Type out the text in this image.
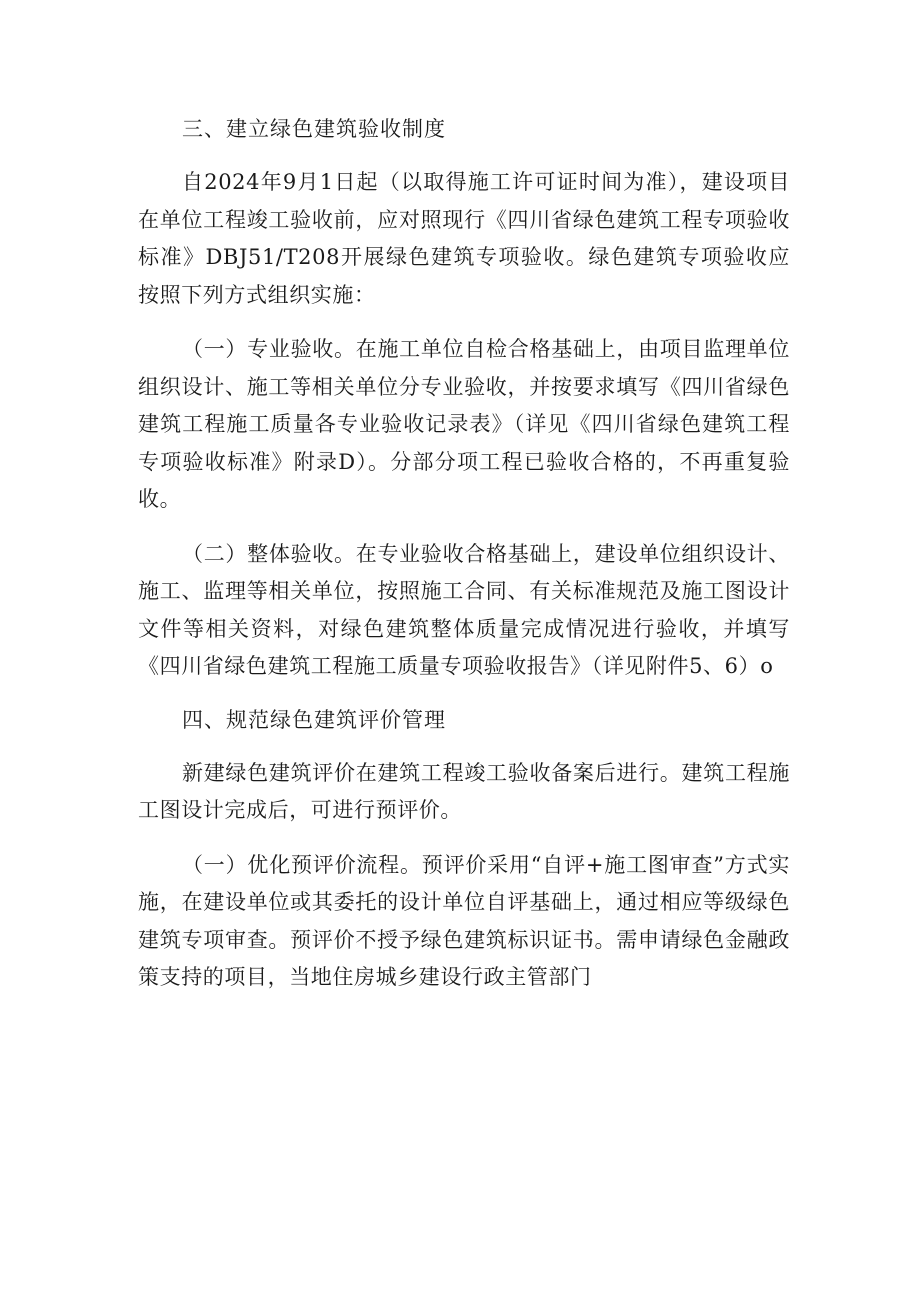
三、建立绿色建筑验收制度

自2024年9月1日起（以取得施工许可证时间为准），建设项目在单位工程竣工验收前，应对照现行《四川省绿色建筑工程专项验收标准》DBJ51/T208开展绿色建筑专项验收。绿色建筑专项验收应按照下列方式组织实施：

（一）专业验收。在施工单位自检合格基础上，由项目监理单位组织设计、施工等相关单位分专业验收，并按要求填写《四川省绿色建筑工程施工质量各专业验收记录表》（详见《四川省绿色建筑工程专项验收标准》附录D）。分部分项工程已验收合格的，不再重复验收。

（二）整体验收。在专业验收合格基础上，建设单位组织设计、施工、监理等相关单位，按照施工合同、有关标准规范及施工图设计文件等相关资料，对绿色建筑整体质量完成情况进行验收，并填写《四川省绿色建筑工程施工质量专项验收报告》（详见附件5、6）o

四、规范绿色建筑评价管理

新建绿色建筑评价在建筑工程竣工验收备案后进行。建筑工程施工图设计完成后，可进行预评价。

（一）优化预评价流程。预评价采用“自评+施工图审查”方式实施，在建设单位或其委托的设计单位自评基础上，通过相应等级绿色建筑专项审查。预评价不授予绿色建筑标识证书。需申请绿色金融政策支持的项目，当地住房城乡建设行政主管部门
